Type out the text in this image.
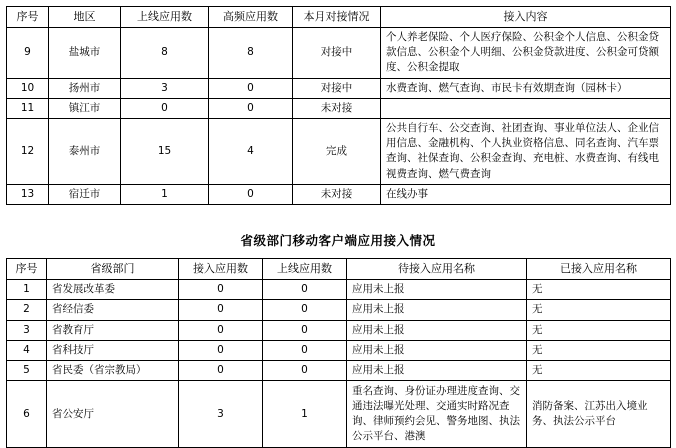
序号	地区	上线应用数	高频应用数	本月对接情况	接入内容
9	盐城市	8	8	对接中	个人养老保险、个人医疗保险、公积金个人信息、公积金贷款信息、公积金个人明细、公积金贷款进度、公积金可贷额度、公积金提取
10	扬州市	3	0	对接中	水费查询、燃气查询、市民卡有效期查询（园林卡）
11	镇江市	0	0	未对接	
12	泰州市	15	4	完成	公共自行车、公交查询、社团查询、事业单位法人、企业信用信息、金融机构、个人执业资格信息、同名查询、汽车票查询、社保查询、公积金查询、充电桩、水费查询、有线电视费查询、燃气费查询
13	宿迁市	1	0	未对接	在线办事
省级部门移动客户端应用接入情况
序号	省级部门	接入应用数	上线应用数	待接入应用名称	已接入应用名称
1	省发展改革委	0	0	应用未上报	无
2	省经信委	0	0	应用未上报	无
3	省教育厅	0	0	应用未上报	无
4	省科技厅	0	0	应用未上报	无
5	省民委（省宗教局）	0	0	应用未上报	无
6	省公安厅	3	1	重名查询、身份证办理进度查询、交通违法曝光处理、交通实时路况查询、律师预约会见、警务地图、执法公示平台、港澳	消防备案、江苏出入境业务、执法公示平台
